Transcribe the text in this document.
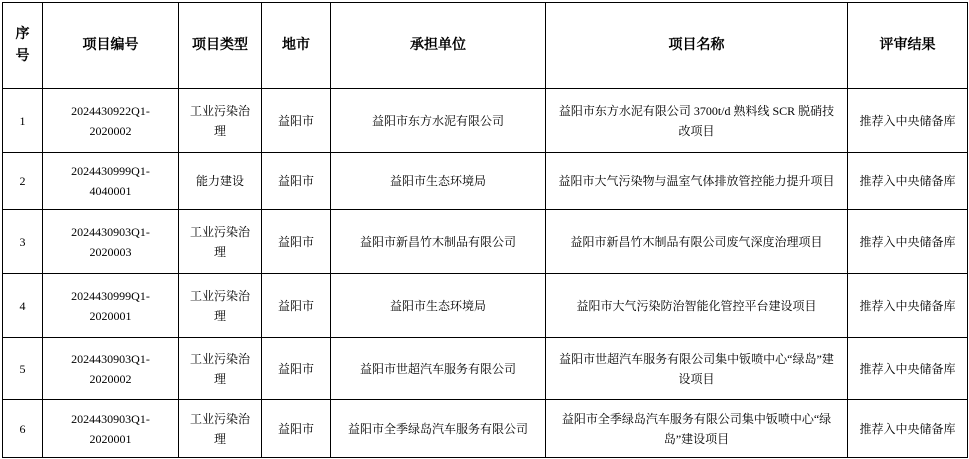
序号	项目编号	项目类型	地市	承担单位	项目名称	评审结果
1	2024430922Q1-2020002	工业污染治理	益阳市	益阳市东方水泥有限公司	益阳市东方水泥有限公司 3700t/d 熟料线 SCR 脱硝技改项目	推荐入中央储备库
2	2024430999Q1-4040001	能力建设	益阳市	益阳市生态环境局	益阳市大气污染物与温室气体排放管控能力提升项目	推荐入中央储备库
3	2024430903Q1-2020003	工业污染治理	益阳市	益阳市新昌竹木制品有限公司	益阳市新昌竹木制品有限公司废气深度治理项目	推荐入中央储备库
4	2024430999Q1-2020001	工业污染治理	益阳市	益阳市生态环境局	益阳市大气污染防治智能化管控平台建设项目	推荐入中央储备库
5	2024430903Q1-2020002	工业污染治理	益阳市	益阳市世超汽车服务有限公司	益阳市世超汽车服务有限公司集中钣喷中心“绿岛”建设项目	推荐入中央储备库
6	2024430903Q1-2020001	工业污染治理	益阳市	益阳市全季绿岛汽车服务有限公司	益阳市全季绿岛汽车服务有限公司集中钣喷中心“绿岛”建设项目	推荐入中央储备库
